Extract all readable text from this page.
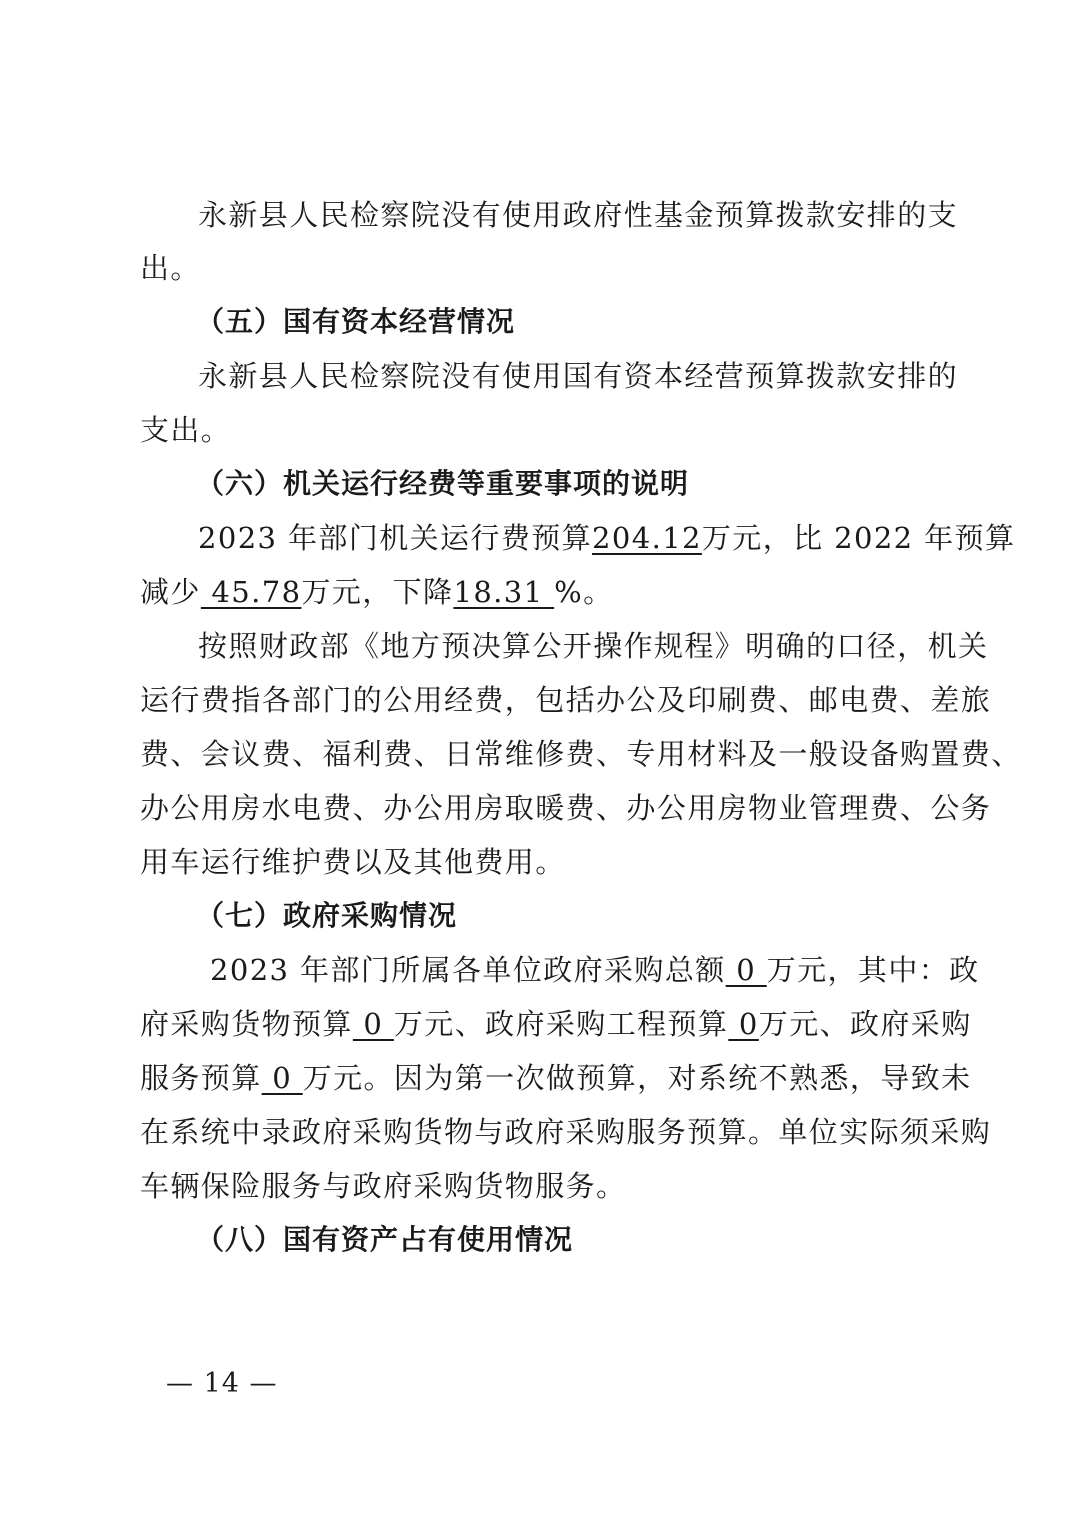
永新县人民检察院没有使用政府性基金预算拨款安排的支
出。
（五）国有资本经营情况
永新县人民检察院没有使用国有资本经营预算拨款安排的
支出。
（六）机关运行经费等重要事项的说明
2023 年部门机关运行费预算204.12万元，比 2022 年预算
减少 45.78万元，下降18.31 %。
按照财政部《地方预决算公开操作规程》明确的口径，机关
运行费指各部门的公用经费，包括办公及印刷费、邮电费、差旅
费、会议费、福利费、日常维修费、专用材料及一般设备购置费、
办公用房水电费、办公用房取暖费、办公用房物业管理费、公务
用车运行维护费以及其他费用。
（七）政府采购情况
2023 年部门所属各单位政府采购总额 0 万元，其中：政
府采购货物预算 0 万元、政府采购工程预算 0万元、政府采购
服务预算 0 万元。因为第一次做预算，对系统不熟悉，导致未
在系统中录政府采购货物与政府采购服务预算。单位实际须采购
车辆保险服务与政府采购货物服务。
（八）国有资产占有使用情况
— 14 —
